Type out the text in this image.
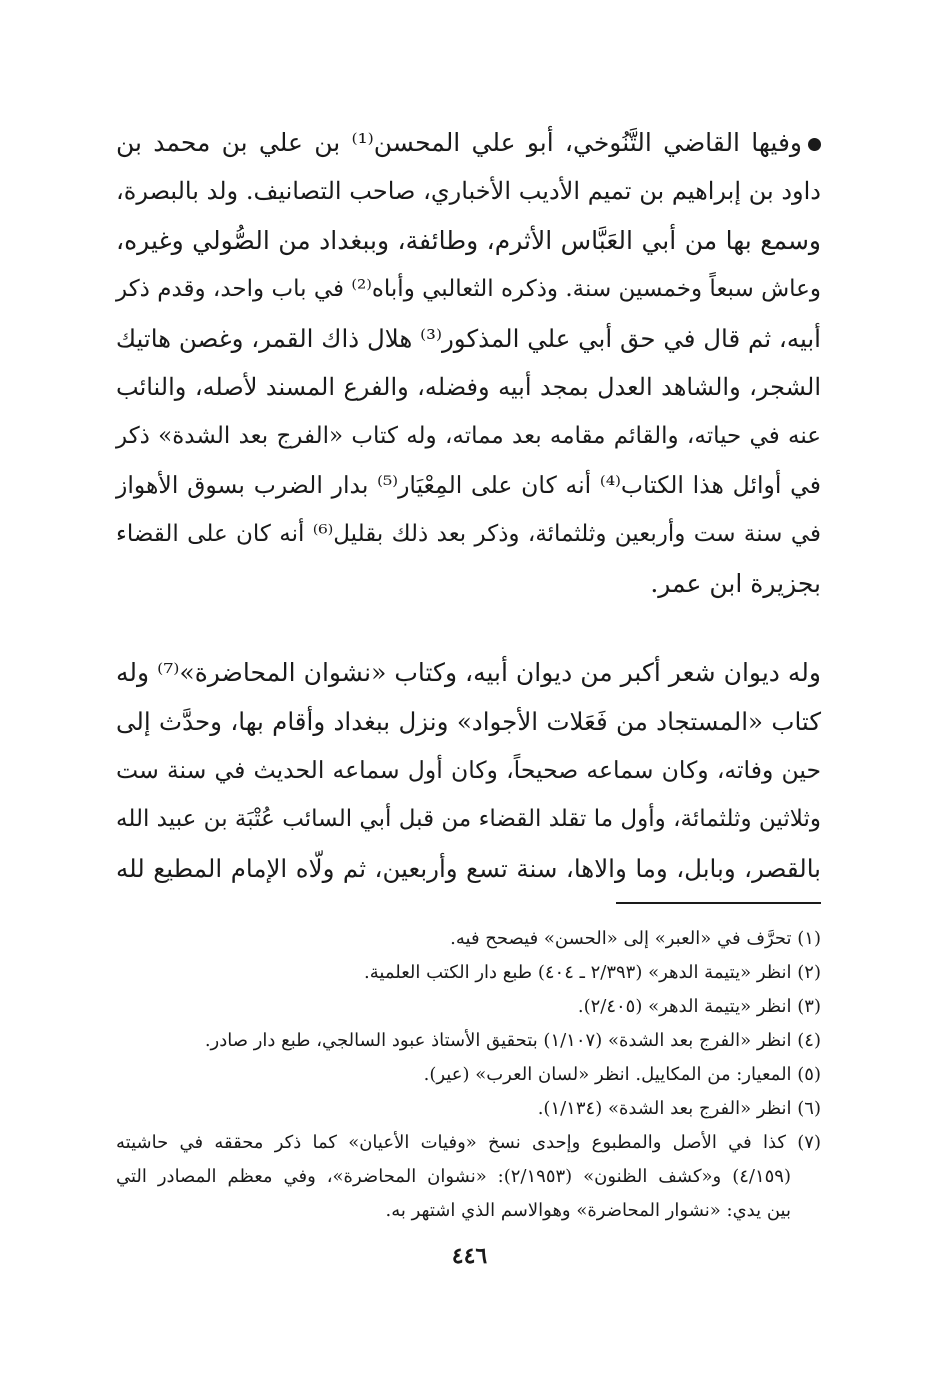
وفيها القاضي التَّنُوخي، أبو علي المحسن⁽¹⁾ بن علي بن محمد بن
داود بن إبراهيم بن تميم الأديب الأخباري، صاحب التصانيف. ولد بالبصرة،
وسمع بها من أبي العَبَّاس الأثرم، وطائفة، وببغداد من الصُّولي وغيره،
وعاش سبعاً وخمسين سنة. وذكره الثعالبي وأباه⁽²⁾ في باب واحد، وقدم ذكر
أبيه، ثم قال في حق أبي علي المذكور⁽³⁾ هلال ذاك القمر، وغصن هاتيك
الشجر، والشاهد العدل بمجد أبيه وفضله، والفرع المسند لأصله، والنائب
عنه في حياته، والقائم مقامه بعد مماته، وله كتاب «الفرج بعد الشدة» ذكر
في أوائل هذا الكتاب⁽⁴⁾ أنه كان على المِعْيَار⁽⁵⁾ بدار الضرب بسوق الأهواز
في سنة ست وأربعين وثلثمائة، وذكر بعد ذلك بقليل⁽⁶⁾ أنه كان على القضاء
بجزيرة ابن عمر.
وله ديوان شعر أكبر من ديوان أبيه، وكتاب «نشوان المحاضرة»⁽⁷⁾ وله
كتاب «المستجاد من فَعَلات الأجواد» ونزل ببغداد وأقام بها، وحدَّث إلى
حين وفاته، وكان سماعه صحيحاً، وكان أول سماعه الحديث في سنة ست
وثلاثين وثلثمائة، وأول ما تقلد القضاء من قبل أبي السائب عُتْبَة بن عبيد الله
بالقصر، وبابل، وما والاها، سنة تسع وأربعين، ثم ولّاه الإمام المطيع لله
(١) تحرَّف في «العبر» إلى «الحسن» فيصحح فيه.
(٢) انظر «يتيمة الدهر» (٢/٣٩٣ ـ ٤٠٤) طبع دار الكتب العلمية.
(٣) انظر «يتيمة الدهر» (٢/٤٠٥).
(٤) انظر «الفرج بعد الشدة» (١/١٠٧) بتحقيق الأستاذ عبود السالجي، طبع دار صادر.
(٥) المعيار: من المكاييل. انظر «لسان العرب» (عير).
(٦) انظر «الفرج بعد الشدة» (١/١٣٤).
(٧) كذا في الأصل والمطبوع وإحدى نسخ «وفيات الأعيان» كما ذكر محققه في حاشيته
(٤/١٥٩) و«كشف الظنون» (٢/١٩٥٣): «نشوان المحاضرة»، وفي معظم المصادر التي
بين يدي: «نشوار المحاضرة» وهوالاسم الذي اشتهر به.
٤٤٦
